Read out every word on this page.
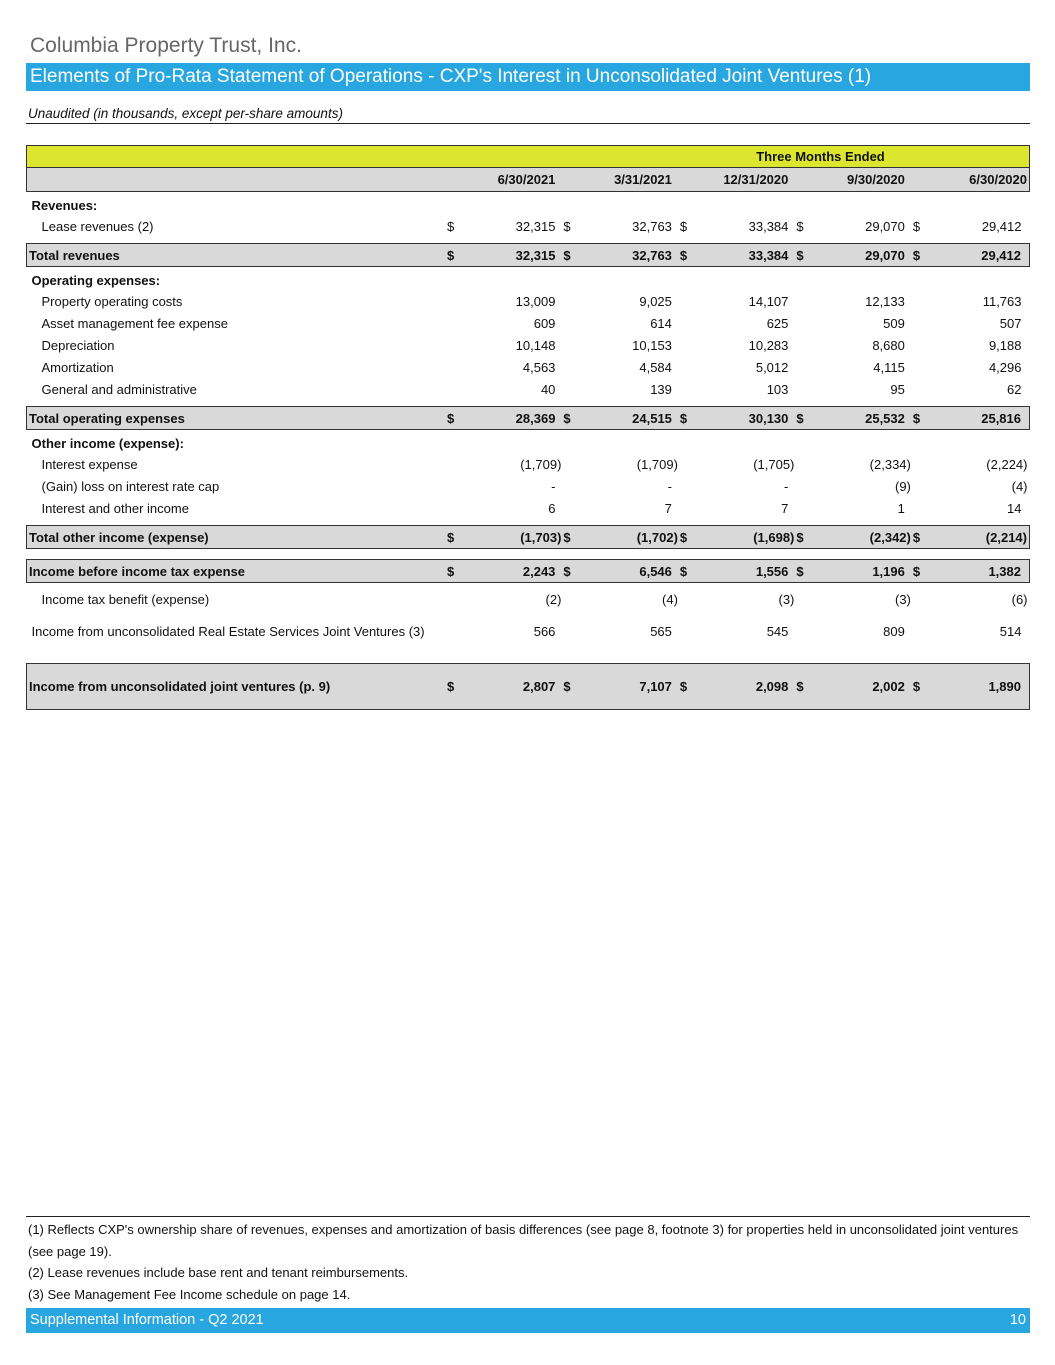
Columbia Property Trust, Inc.
Elements of Pro-Rata Statement of Operations - CXP's Interest in Unconsolidated Joint Ventures (1)
Unaudited (in thousands, except per-share amounts)
	Three Months Ended									
		6/30/2021		3/31/2021		12/31/2020		9/30/2020		6/30/2020
Revenues:										
Lease revenues (2)	$	32,315	$	32,763	$	33,384	$	29,070	$	29,412

Total revenues	$	32,315	$	32,763	$	33,384	$	29,070	$	29,412
Operating expenses:										
Property operating costs		13,009		9,025		14,107		12,133		11,763
Asset management fee expense		609		614		625		509		507
Depreciation		10,148		10,153		10,283		8,680		9,188
Amortization		4,563		4,584		5,012		4,115		4,296
General and administrative		40		139		103		95		62

Total operating expenses	$	28,369	$	24,515	$	30,130	$	25,532	$	25,816
Other income (expense):										
Interest expense		(1,709)		(1,709)		(1,705)		(2,334)		(2,224)
(Gain) loss on interest rate cap		-		-		-		(9)		(4)
Interest and other income		6		7		7		1		14

Total other income (expense)	$	(1,703)	$	(1,702)	$	(1,698)	$	(2,342)	$	(2,214)

Income before income tax expense	$	2,243	$	6,546	$	1,556	$	1,196	$	1,382

Income tax benefit (expense)		(2)		(4)		(3)		(3)		(6)
Income from unconsolidated Real Estate Services Joint Ventures (3)		566		565		545		809		514

Income from unconsolidated joint ventures (p. 9)	$	2,807	$	7,107	$	2,098	$	2,002	$	1,890
(1) Reflects CXP's ownership share of revenues, expenses and amortization of basis differences (see page 8, footnote 3) for properties held in unconsolidated joint ventures (see page 19).
(2) Lease revenues include base rent and tenant reimbursements.
(3) See Management Fee Income schedule on page 14.
Supplemental Information - Q2 2021	10
